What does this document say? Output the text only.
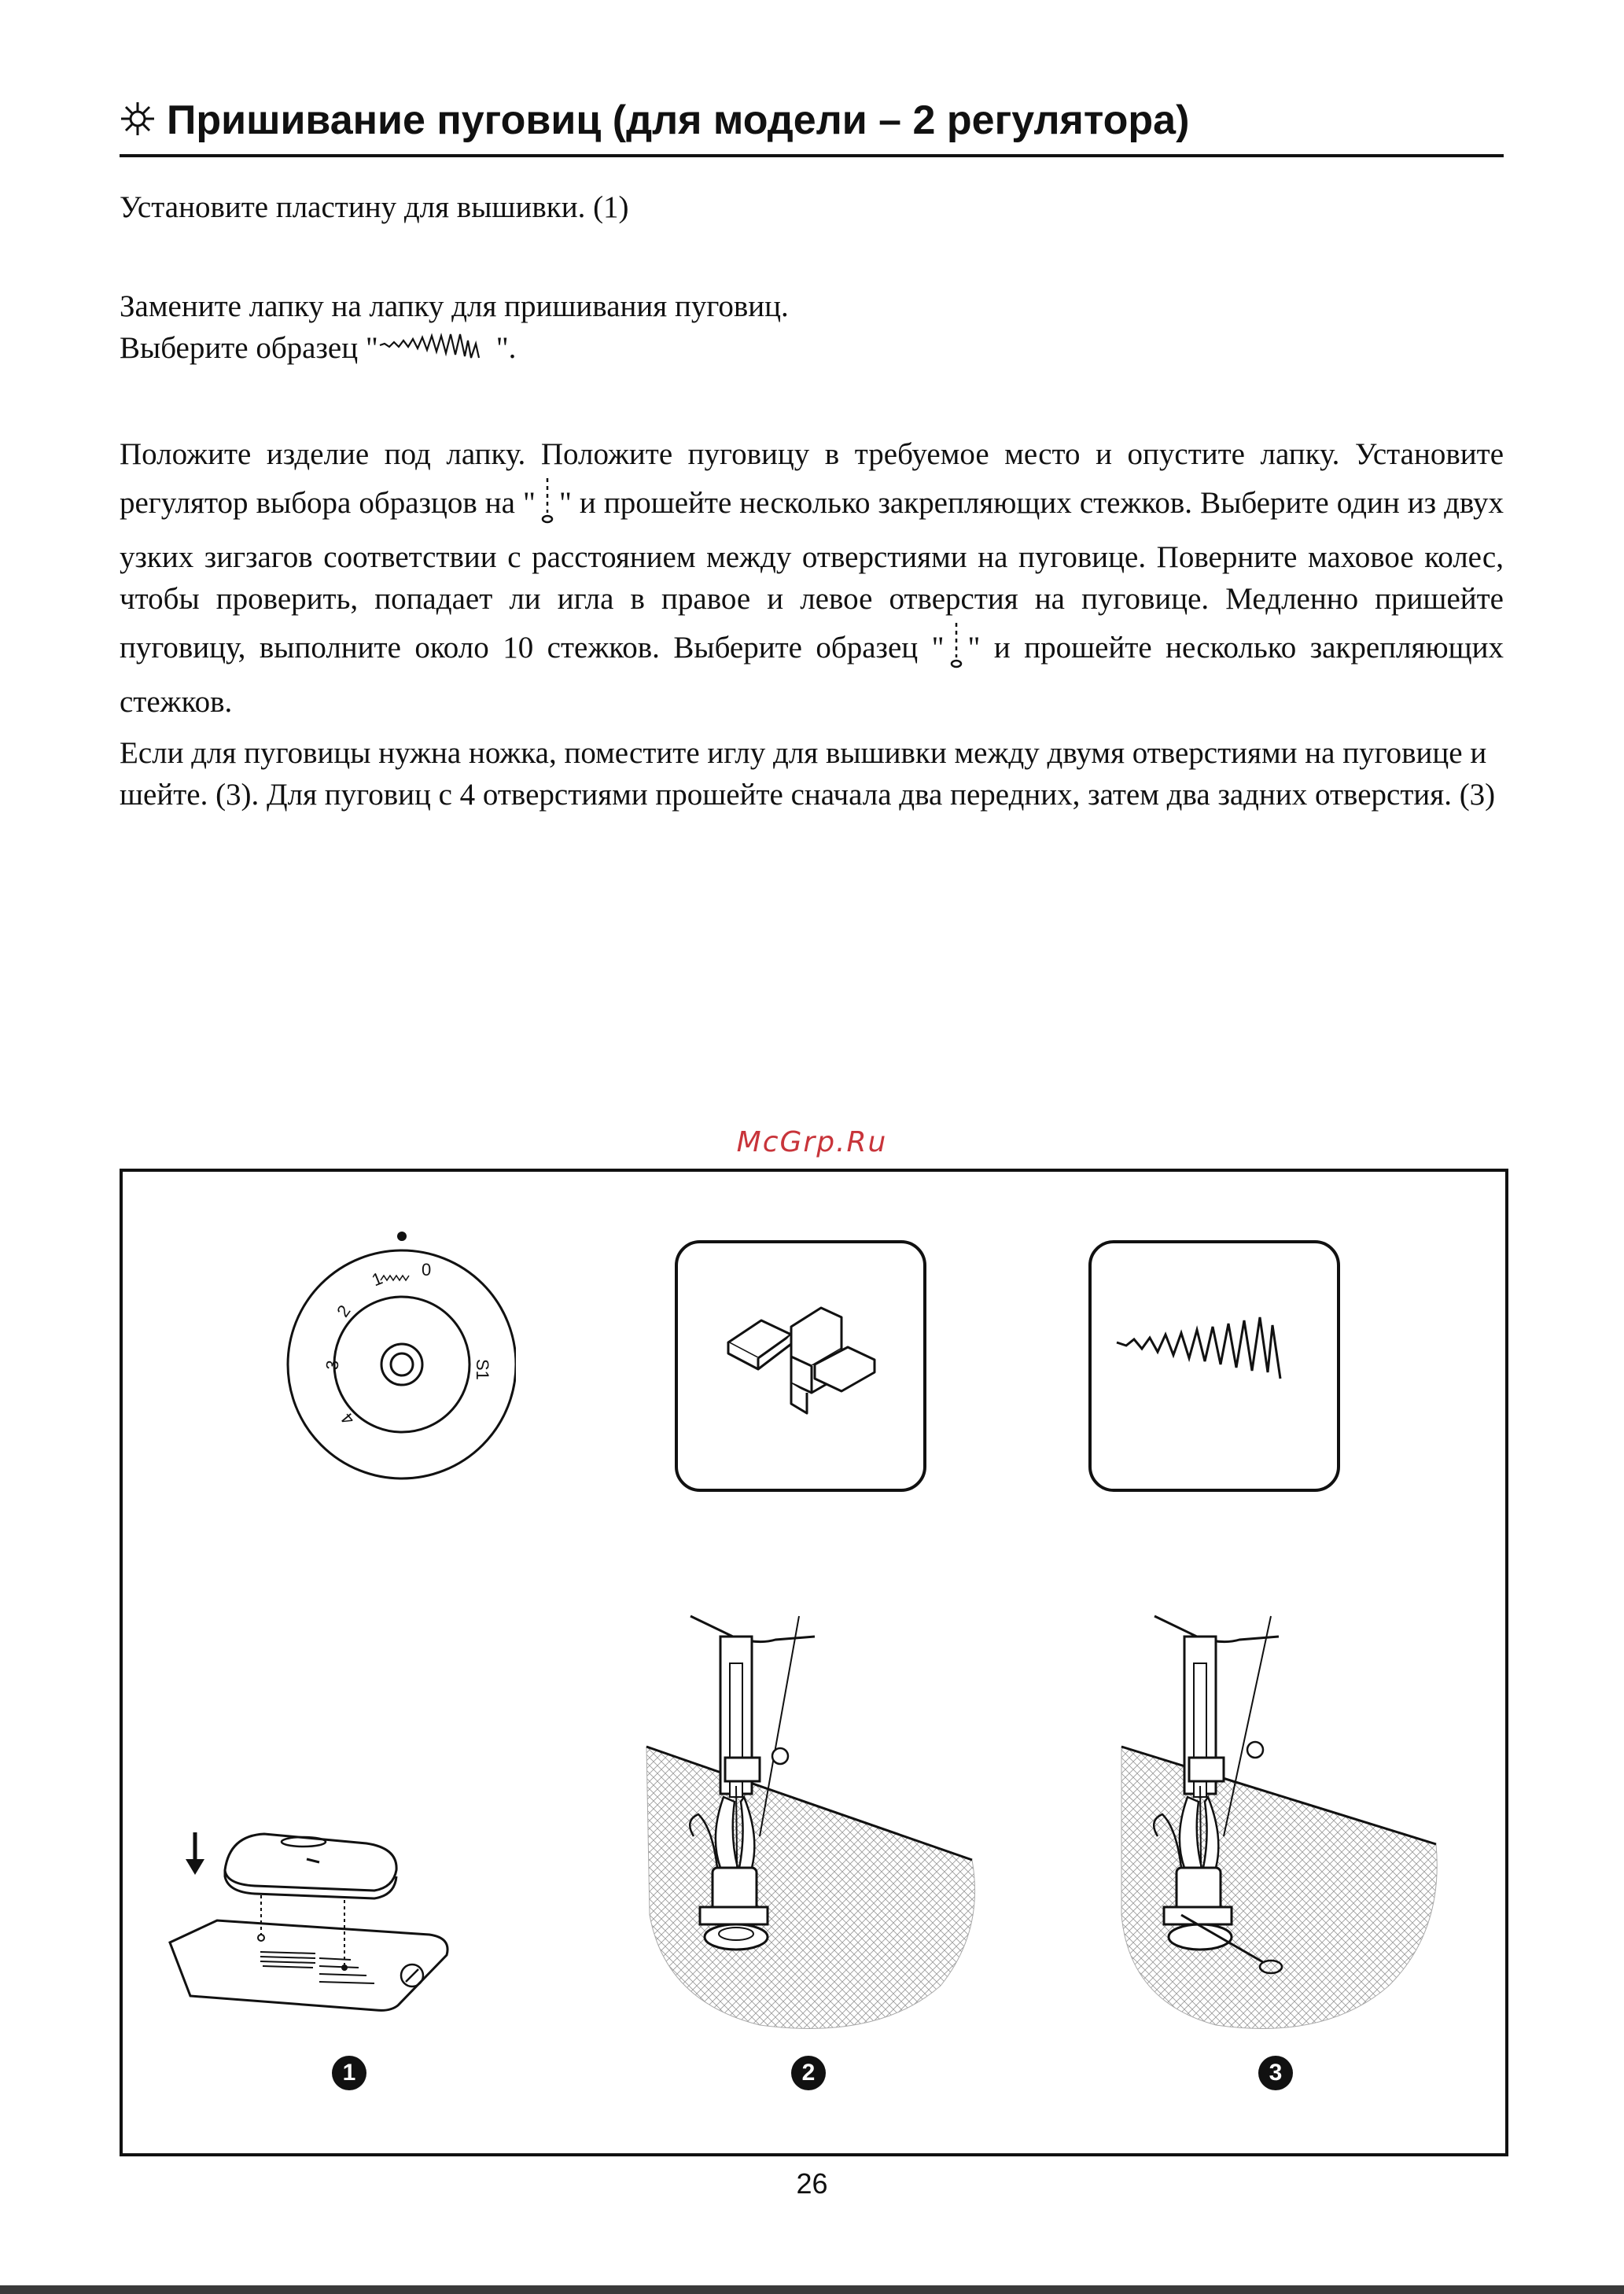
Пришивание пуговиц (для модели – 2 регулятора)

Установите пластину для вышивки. (1)

Замените лапку на лапку для пришивания пуговиц.
Выберите образец "	".

Положите изделие под лапку. Положите пуговицу в требуемое место и опустите лапку. Установите регулятор выбора образцов на " " и прошейте несколько закрепляющих стежков. Выберите один из двух узких зигзагов соответствии с расстоянием между отверстиями на пуговице. Поверните маховое колес, чтобы проверить, попадает ли игла в правое и левое отверстия на пуговице. Медленно пришейте пуговицу, выполните около 10 стежков. Выберите образец " " и прошейте несколько закрепляющих стежков.

Если для пуговицы нужна ножка, поместите иглу для вышивки между двумя отверстиями на пуговице и шейте. (3). Для пуговиц с 4 отверстиями прошейте сначала два передних, затем два задних отверстия. (3)

McGrp.Ru
0
1
2
3
4
S1
1	2	3
26
